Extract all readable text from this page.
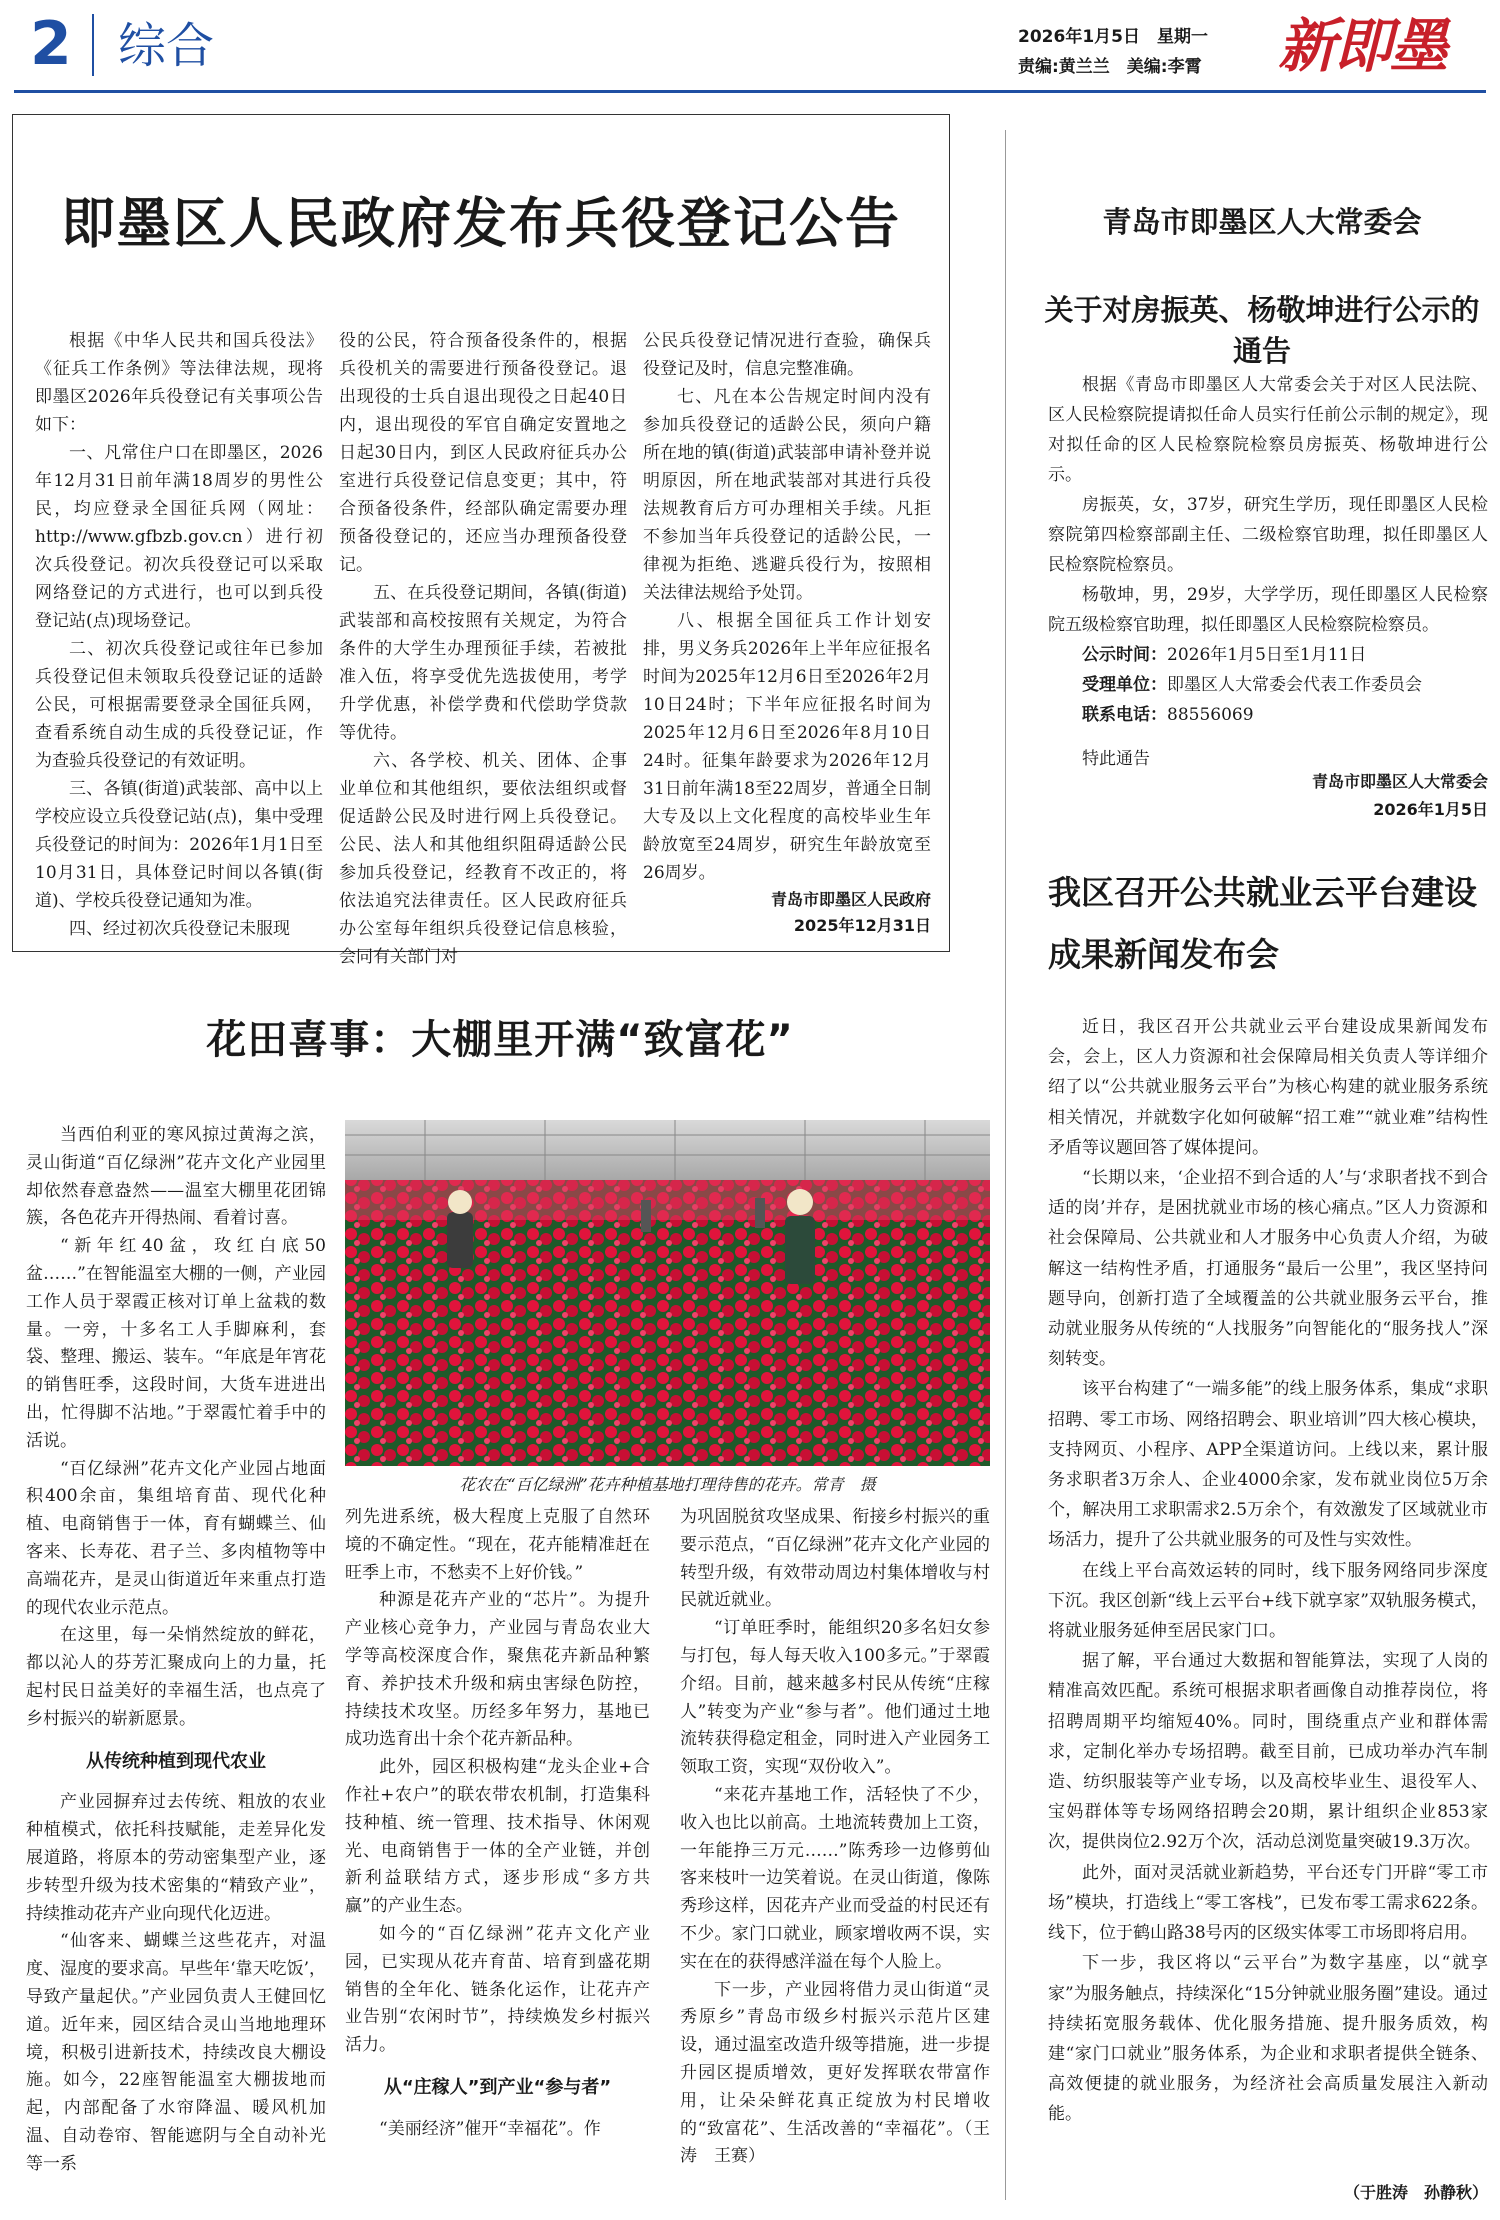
2 综合	2026年1月5日　星期一
责编:黄兰兰　美编:李霄 新即墨
即墨区人民政府发布兵役登记公告

根据《中华人民共和国兵役法》《征兵工作条例》等法律法规，现将即墨区2026年兵役登记有关事项公告如下：

一、凡常住户口在即墨区，2026年12月31日前年满18周岁的男性公民，均应登录全国征兵网（网址：http://www.gfbzb.gov.cn）进行初次兵役登记。初次兵役登记可以采取网络登记的方式进行，也可以到兵役登记站(点)现场登记。

二、初次兵役登记或往年已参加兵役登记但未领取兵役登记证的适龄公民，可根据需要登录全国征兵网，查看系统自动生成的兵役登记证，作为查验兵役登记的有效证明。

三、各镇(街道)武装部、高中以上学校应设立兵役登记站(点)，集中受理兵役登记的时间为：2026年1月1日至10月31日，具体登记时间以各镇(街道)、学校兵役登记通知为准。

四、经过初次兵役登记未服现

役的公民，符合预备役条件的，根据兵役机关的需要进行预备役登记。退出现役的士兵自退出现役之日起40日内，退出现役的军官自确定安置地之日起30日内，到区人民政府征兵办公室进行兵役登记信息变更；其中，符合预备役条件，经部队确定需要办理预备役登记的，还应当办理预备役登记。

五、在兵役登记期间，各镇(街道)武装部和高校按照有关规定，为符合条件的大学生办理预征手续，若被批准入伍，将享受优先选拔使用，考学升学优惠，补偿学费和代偿助学贷款等优待。

六、各学校、机关、团体、企事业单位和其他组织，要依法组织或督促适龄公民及时进行网上兵役登记。公民、法人和其他组织阻碍适龄公民参加兵役登记，经教育不改正的，将依法追究法律责任。区人民政府征兵办公室每年组织兵役登记信息核验，会同有关部门对

公民兵役登记情况进行查验，确保兵役登记及时，信息完整准确。

七、凡在本公告规定时间内没有参加兵役登记的适龄公民，须向户籍所在地的镇(街道)武装部申请补登并说明原因，所在地武装部对其进行兵役法规教育后方可办理相关手续。凡拒不参加当年兵役登记的适龄公民，一律视为拒绝、逃避兵役行为，按照相关法律法规给予处罚。

八、根据全国征兵工作计划安排，男义务兵2026年上半年应征报名时间为2025年12月6日至2026年2月10日24时；下半年应征报名时间为2025年12月6日至2026年8月10日24时。征集年龄要求为2026年12月31日前年满18至22周岁，普通全日制大专及以上文化程度的高校毕业生年龄放宽至24周岁，研究生年龄放宽至26周岁。

青岛市即墨区人民政府

2025年12月31日

青岛市即墨区人大常委会
关于对房振英、杨敬坤进行公示的通告

根据《青岛市即墨区人大常委会关于对区人民法院、区人民检察院提请拟任命人员实行任前公示制的规定》，现对拟任命的区人民检察院检察员房振英、杨敬坤进行公示。

房振英，女，37岁，研究生学历，现任即墨区人民检察院第四检察部副主任、二级检察官助理，拟任即墨区人民检察院检察员。

杨敬坤，男，29岁，大学学历，现任即墨区人民检察院五级检察官助理，拟任即墨区人民检察院检察员。

公示时间：2026年1月5日至1月11日

受理单位：即墨区人大常委会代表工作委员会

联系电话：88556069

特此通告

青岛市即墨区人大常委会
2026年1月5日
我区召开公共就业云平台建设成果新闻发布会

近日，我区召开公共就业云平台建设成果新闻发布会，会上，区人力资源和社会保障局相关负责人等详细介绍了以“公共就业服务云平台”为核心构建的就业服务系统相关情况，并就数字化如何破解“招工难”“就业难”结构性矛盾等议题回答了媒体提问。

“长期以来，‘企业招不到合适的人’与‘求职者找不到合适的岗’并存，是困扰就业市场的核心痛点。”区人力资源和社会保障局、公共就业和人才服务中心负责人介绍，为破解这一结构性矛盾，打通服务“最后一公里”，我区坚持问题导向，创新打造了全域覆盖的公共就业服务云平台，推动就业服务从传统的“人找服务”向智能化的“服务找人”深刻转变。

该平台构建了“一端多能”的线上服务体系，集成“求职招聘、零工市场、网络招聘会、职业培训”四大核心模块，支持网页、小程序、APP全渠道访问。上线以来，累计服务求职者3万余人、企业4000余家，发布就业岗位5万余个，解决用工求职需求2.5万余个，有效激发了区域就业市场活力，提升了公共就业服务的可及性与实效性。

在线上平台高效运转的同时，线下服务网络同步深度下沉。我区创新“线上云平台+线下就享家”双轨服务模式，将就业服务延伸至居民家门口。

据了解，平台通过大数据和智能算法，实现了人岗的精准高效匹配。系统可根据求职者画像自动推荐岗位，将招聘周期平均缩短40%。同时，围绕重点产业和群体需求，定制化举办专场招聘。截至目前，已成功举办汽车制造、纺织服装等产业专场，以及高校毕业生、退役军人、宝妈群体等专场网络招聘会20期，累计组织企业853家次，提供岗位2.92万个次，活动总浏览量突破19.3万次。

此外，面对灵活就业新趋势，平台还专门开辟“零工市场”模块，打造线上“零工客栈”，已发布零工需求622条。线下，位于鹤山路38号丙的区级实体零工市场即将启用。

下一步，我区将以“云平台”为数字基座，以“就享家”为服务触点，持续深化“15分钟就业服务圈”建设。通过持续拓宽服务载体、优化服务措施、提升服务质效，构建“家门口就业”服务体系，为企业和求职者提供全链条、高效便捷的就业服务，为经济社会高质量发展注入新动能。

（于胜涛　孙静秋）
花田喜事：大棚里开满“致富花”

当西伯利亚的寒风掠过黄海之滨，灵山街道“百亿绿洲”花卉文化产业园里却依然春意盎然——温室大棚里花团锦簇，各色花卉开得热闹、看着讨喜。

“新年红40盆，玫红白底50盆……”在智能温室大棚的一侧，产业园工作人员于翠霞正核对订单上盆栽的数量。一旁，十多名工人手脚麻利，套袋、整理、搬运、装车。“年底是年宵花的销售旺季，这段时间，大货车进进出出，忙得脚不沾地。”于翠霞忙着手中的活说。

“百亿绿洲”花卉文化产业园占地面积400余亩，集组培育苗、现代化种植、电商销售于一体，育有蝴蝶兰、仙客来、长寿花、君子兰、多肉植物等中高端花卉，是灵山街道近年来重点打造的现代农业示范点。

在这里，每一朵悄然绽放的鲜花，都以沁人的芬芳汇聚成向上的力量，托起村民日益美好的幸福生活，也点亮了乡村振兴的崭新愿景。

从传统种植到现代农业

产业园摒弃过去传统、粗放的农业种植模式，依托科技赋能，走差异化发展道路，将原本的劳动密集型产业，逐步转型升级为技术密集的“精致产业”，持续推动花卉产业向现代化迈进。

“仙客来、蝴蝶兰这些花卉，对温度、湿度的要求高。早些年‘靠天吃饭’，导致产量起伏。”产业园负责人王健回忆道。近年来，园区结合灵山当地地理环境，积极引进新技术，持续改良大棚设施。如今，22座智能温室大棚拔地而起，内部配备了水帘降温、暖风机加温、自动卷帘、智能遮阴与全自动补光等一系

花农在“百亿绿洲”花卉种植基地打理待售的花卉。常青　摄

列先进系统，极大程度上克服了自然环境的不确定性。“现在，花卉能精准赶在旺季上市，不愁卖不上好价钱。”

种源是花卉产业的“芯片”。为提升产业核心竞争力，产业园与青岛农业大学等高校深度合作，聚焦花卉新品种繁育、养护技术升级和病虫害绿色防控，持续技术攻坚。历经多年努力，基地已成功选育出十余个花卉新品种。

此外，园区积极构建“龙头企业+合作社+农户”的联农带农机制，打造集科技种植、统一管理、技术指导、休闲观光、电商销售于一体的全产业链，并创新利益联结方式，逐步形成“多方共赢”的产业生态。

如今的“百亿绿洲”花卉文化产业园，已实现从花卉育苗、培育到盛花期销售的全年化、链条化运作，让花卉产业告别“农闲时节”，持续焕发乡村振兴活力。

从“庄稼人”到产业“参与者”

“美丽经济”催开“幸福花”。作

为巩固脱贫攻坚成果、衔接乡村振兴的重要示范点，“百亿绿洲”花卉文化产业园的转型升级，有效带动周边村集体增收与村民就近就业。

“订单旺季时，能组织20多名妇女参与打包，每人每天收入100多元。”于翠霞介绍。目前，越来越多村民从传统“庄稼人”转变为产业“参与者”。他们通过土地流转获得稳定租金，同时进入产业园务工领取工资，实现“双份收入”。

“来花卉基地工作，活轻快了不少，收入也比以前高。土地流转费加上工资，一年能挣三万元……”陈秀珍一边修剪仙客来枝叶一边笑着说。在灵山街道，像陈秀珍这样，因花卉产业而受益的村民还有不少。家门口就业，顾家增收两不误，实实在在的获得感洋溢在每个人脸上。

下一步，产业园将借力灵山街道“灵秀原乡”青岛市级乡村振兴示范片区建设，通过温室改造升级等措施，进一步提升园区提质增效，更好发挥联农带富作用，让朵朵鲜花真正绽放为村民增收的“致富花”、生活改善的“幸福花”。（王涛　王赛）
